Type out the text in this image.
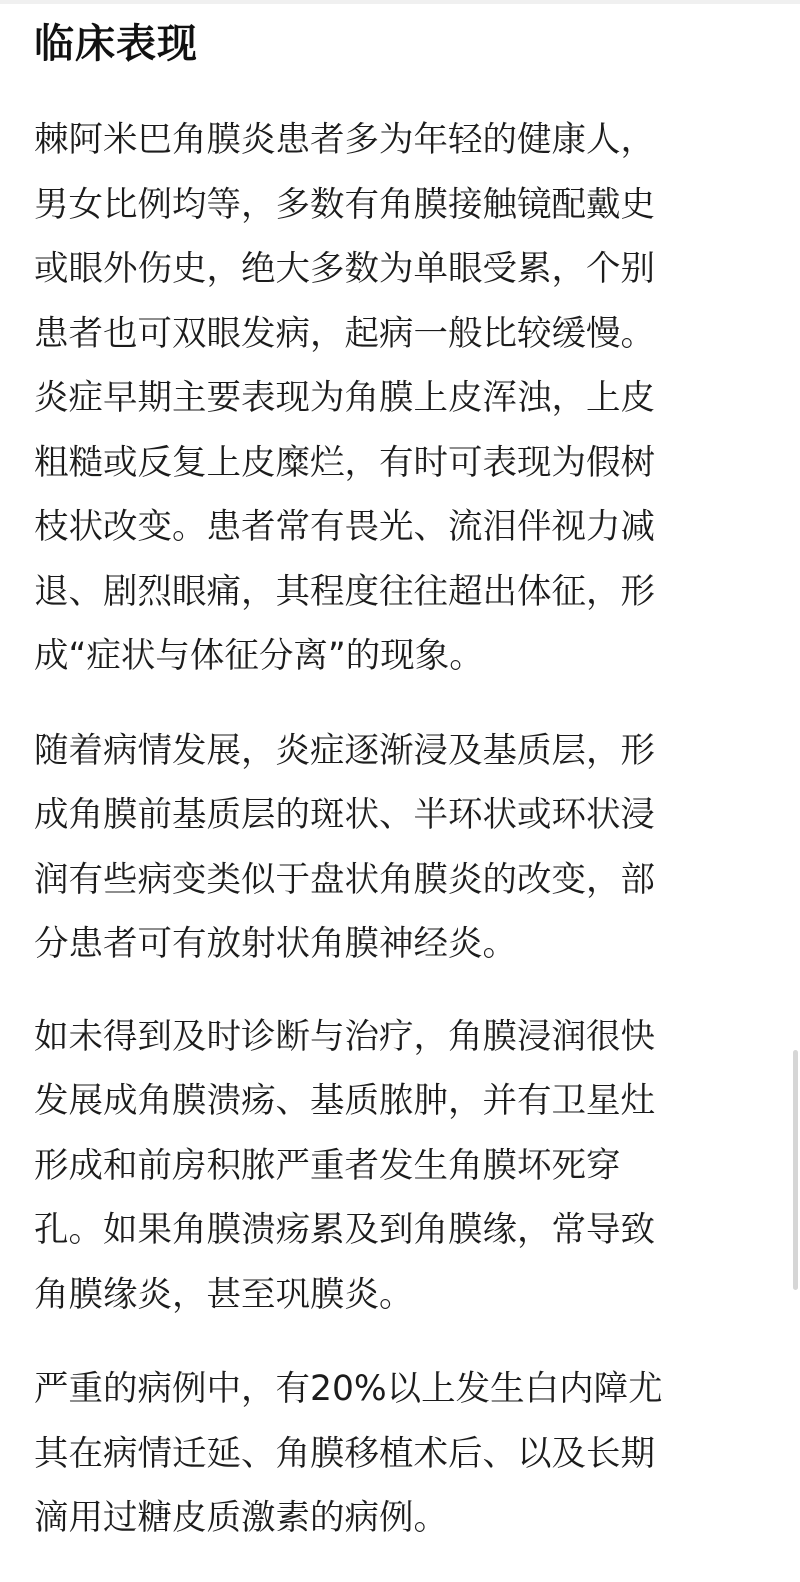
临床表现

棘阿米巴角膜炎患者多为年轻的健康人，
男女比例均等，多数有角膜接触镜配戴史
或眼外伤史，绝大多数为单眼受累，个别
患者也可双眼发病，起病一般比较缓慢。
炎症早期主要表现为角膜上皮浑浊，上皮
粗糙或反复上皮糜烂，有时可表现为假树
枝状改变。患者常有畏光、流泪伴视力减
退、剧烈眼痛，其程度往往超出体征，形
成“症状与体征分离”的现象。

随着病情发展，炎症逐渐浸及基质层，形
成角膜前基质层的斑状、半环状或环状浸
润有些病变类似于盘状角膜炎的改变，部
分患者可有放射状角膜神经炎。

如未得到及时诊断与治疗，角膜浸润很快
发展成角膜溃疡、基质脓肿，并有卫星灶
形成和前房积脓严重者发生角膜坏死穿
孔。如果角膜溃疡累及到角膜缘，常导致
角膜缘炎，甚至巩膜炎。

严重的病例中，有20%以上发生白内障尤
其在病情迁延、角膜移植术后、以及长期
滴用过糖皮质激素的病例。
